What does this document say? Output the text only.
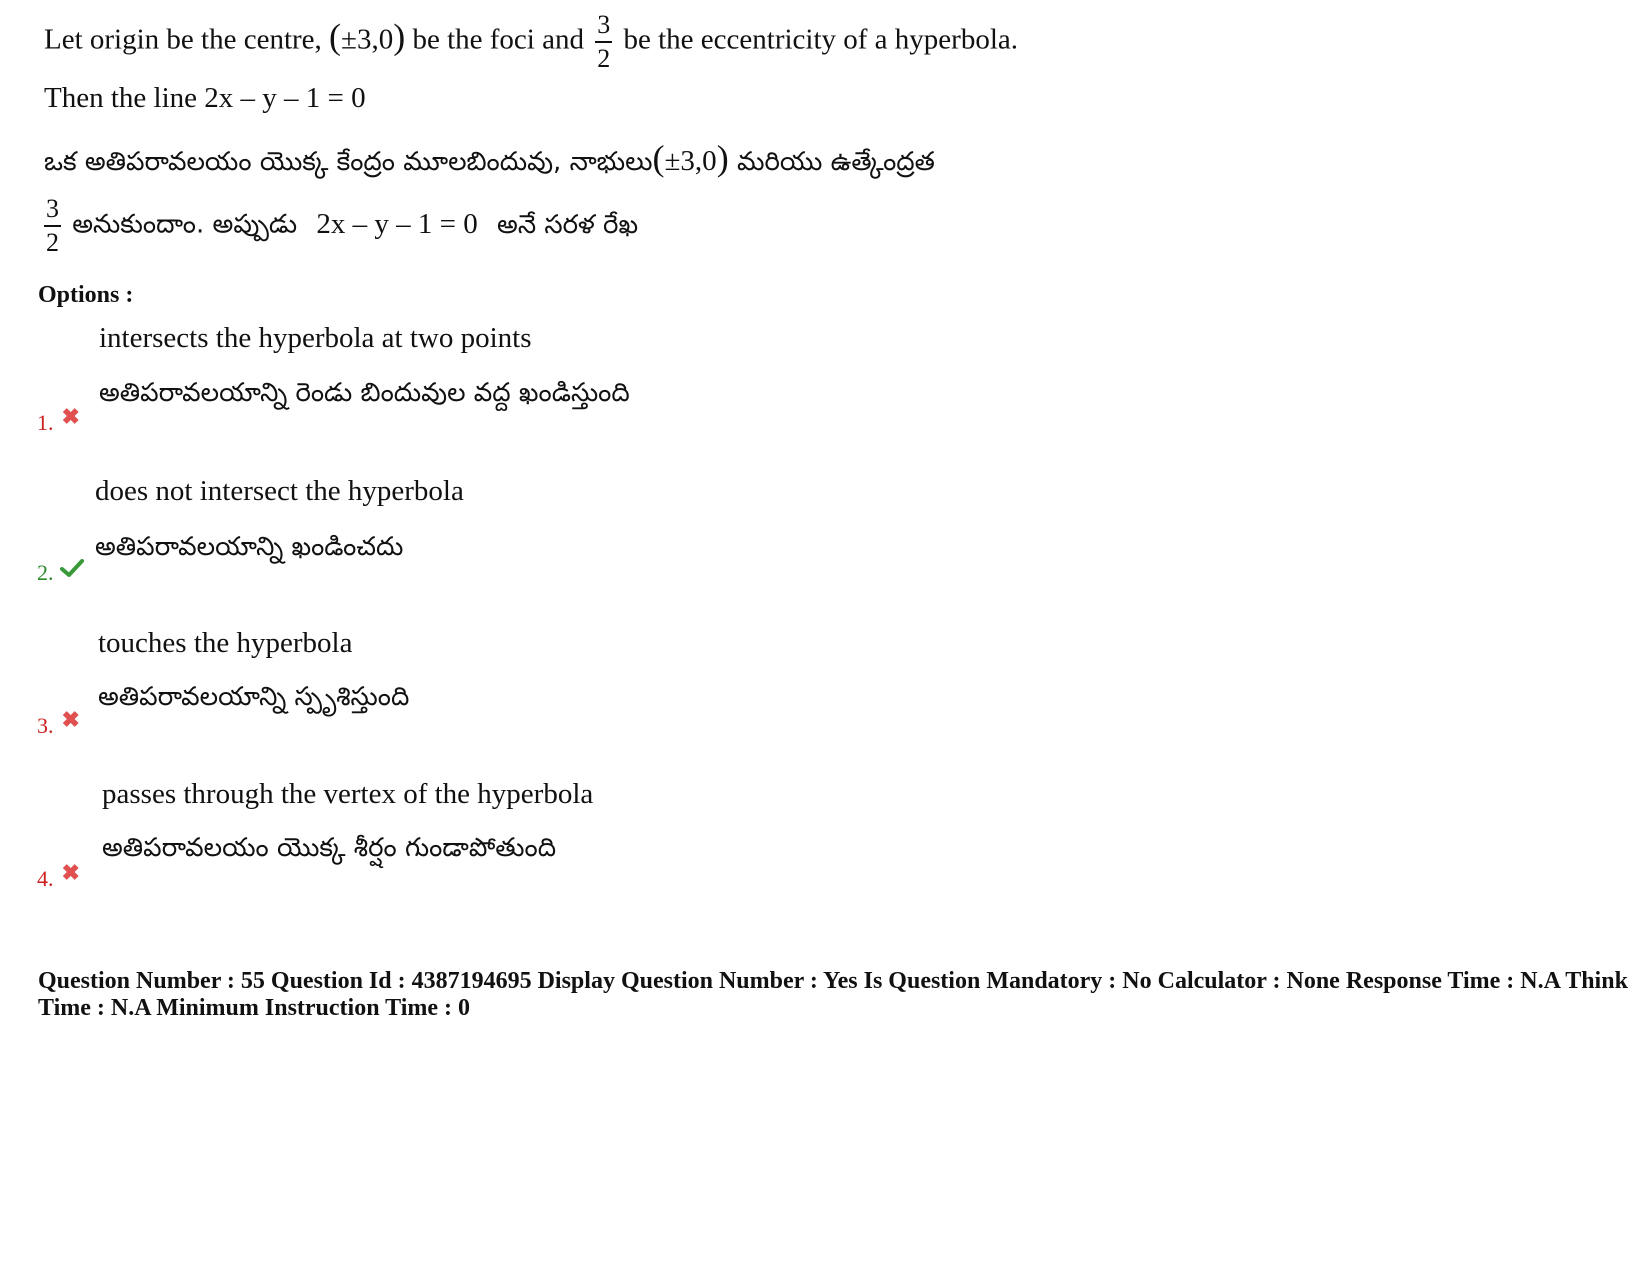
Let origin be the centre, (±3,0) be the foci and $\frac{3}{2}$ be the eccentricity of a hyperbola.
Then the line 2x – y – 1 = 0
ఒక అతిపరావలయం యొక్క కేంద్రం మూలబిందువు, నాభులు(±3,0) మరియు ఉత్కేంద్రత
$\frac{3}{2}$ అనుకుందాం. అప్పుడు 2x – y – 1 = 0 అనే సరళ రేఖ
Options :
intersects the hyperbola at two points
అతిపరావలయాన్ని రెండు బిందువుల వద్ద ఖండిస్తుంది
1. ✖
does not intersect the hyperbola
అతిపరావలయాన్ని ఖండించదు
2.
touches the hyperbola
అతిపరావలయాన్ని స్పృశిస్తుంది
3. ✖
passes through the vertex of the hyperbola
అతిపరావలయం యొక్క శీర్షం గుండాపోతుంది
4. ✖
Question Number : 55 Question Id : 4387194695 Display Question Number : Yes Is Question Mandatory : No Calculator : None Response Time : N.A Think Time : N.A Minimum Instruction Time : 0
